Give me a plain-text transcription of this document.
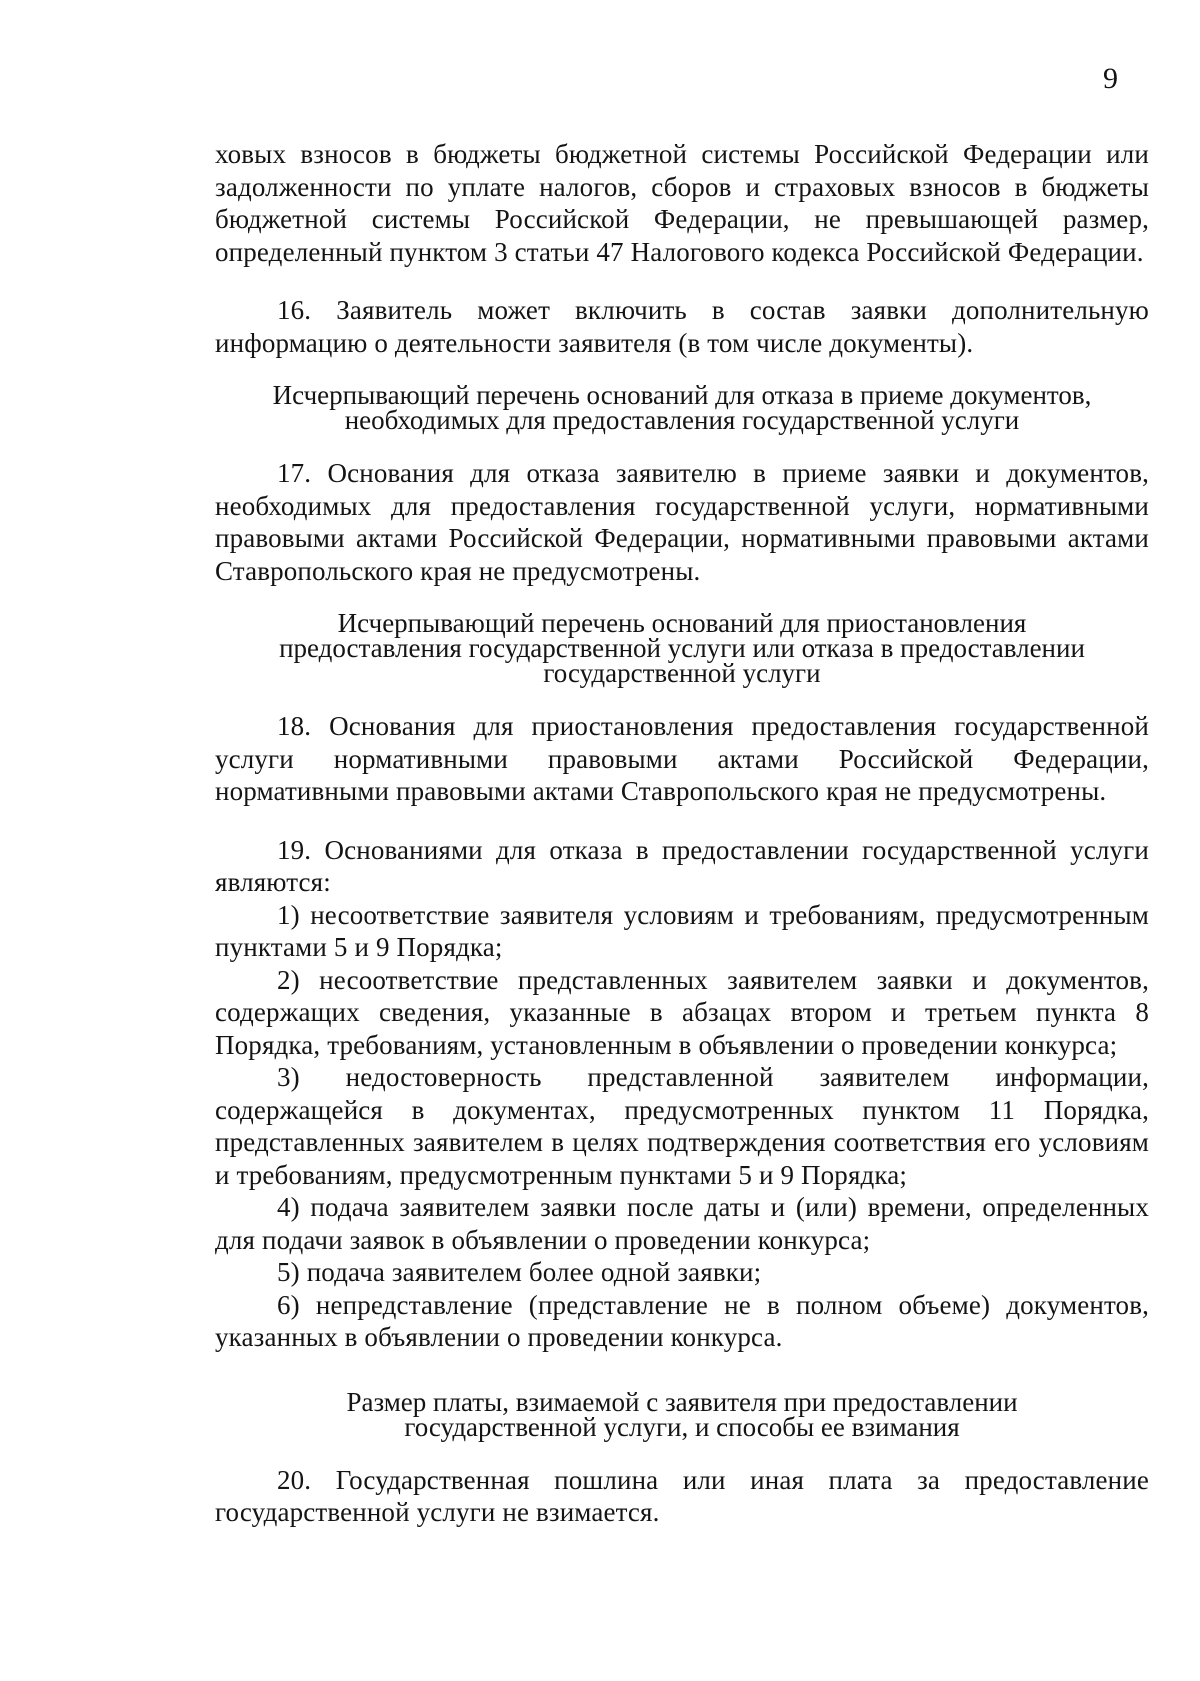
9

ховых взносов в бюджеты бюджетной системы Российской Федерации или задолженности по уплате налогов, сборов и страховых взносов в бюджеты бюджетной системы Российской Федерации, не превышающей размер, определенный пунктом 3 статьи 47 Налогового кодекса Российской Федерации.

16. Заявитель может включить в состав заявки дополнительную информацию о деятельности заявителя (в том числе документы).

Исчерпывающий перечень оснований для отказа в приеме документов,
необходимых для предоставления государственной услуги

17. Основания для отказа заявителю в приеме заявки и документов, необходимых для предоставления государственной услуги, нормативными правовыми актами Российской Федерации, нормативными правовыми актами Ставропольского края не предусмотрены.

Исчерпывающий перечень оснований для приостановления
предоставления государственной услуги или отказа в предоставлении
государственной услуги

18. Основания для приостановления предоставления государственной услуги нормативными правовыми актами Российской Федерации, нормативными правовыми актами Ставропольского края не предусмотрены.

19. Основаниями для отказа в предоставлении государственной услуги являются:

1) несоответствие заявителя условиям и требованиям, предусмотренным пунктами 5 и 9 Порядка;

2) несоответствие представленных заявителем заявки и документов, содержащих сведения, указанные в абзацах втором и третьем пункта 8 Порядка, требованиям, установленным в объявлении о проведении конкурса;

3) недостоверность представленной заявителем информации, содержащейся в документах, предусмотренных пунктом 11 Порядка, представленных заявителем в целях подтверждения соответствия его условиям и требованиям, предусмотренным пунктами 5 и 9 Порядка;

4) подача заявителем заявки после даты и (или) времени, определенных для подачи заявок в объявлении о проведении конкурса;

5) подача заявителем более одной заявки;

6) непредставление (представление не в полном объеме) документов, указанных в объявлении о проведении конкурса.

Размер платы, взимаемой с заявителя при предоставлении
государственной услуги, и способы ее взимания

20. Государственная пошлина или иная плата за предоставление государственной услуги не взимается.
